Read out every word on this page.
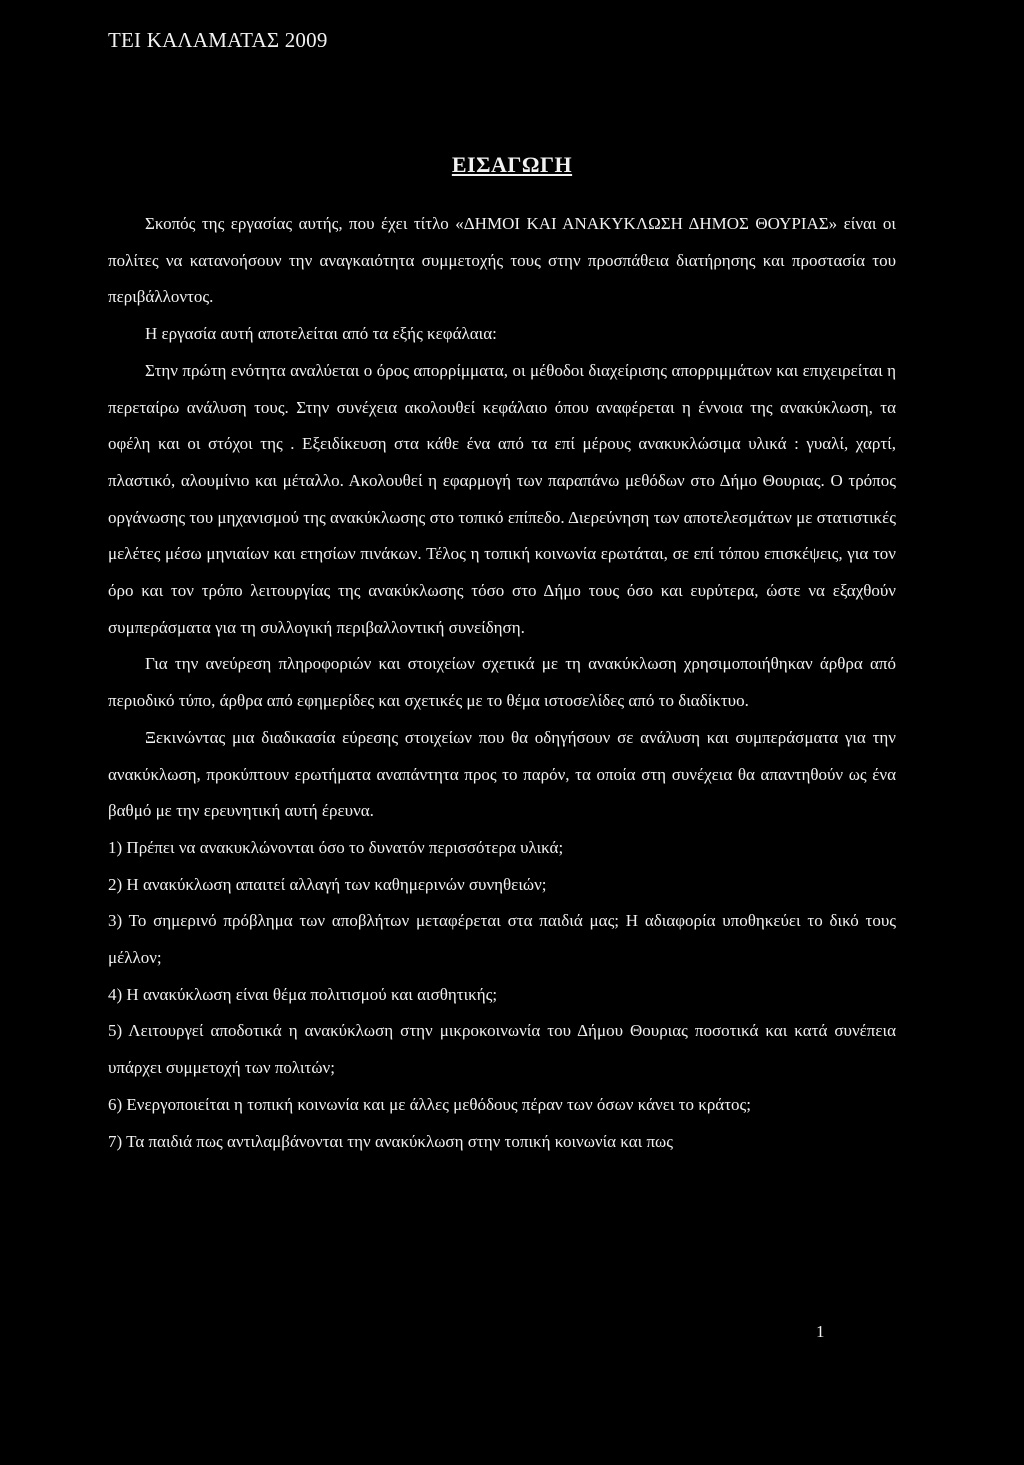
ΤΕΙ ΚΑΛΑΜΑΤΑΣ 2009
ΕΙΣΑΓΩΓΗ

Σκοπός της εργασίας αυτής, που έχει τίτλο «ΔΗΜΟΙ ΚΑΙ ΑΝΑΚΥΚΛΩΣΗ ΔΗΜΟΣ ΘΟΥΡΙΑΣ» είναι οι πολίτες να κατανοήσουν την αναγκαιότητα συμμετοχής τους στην προσπάθεια διατήρησης και προστασία του περιβάλλοντος.

Η εργασία αυτή αποτελείται από τα εξής κεφάλαια:

Στην πρώτη ενότητα αναλύεται ο όρος απορρίμματα, οι μέθοδοι διαχείρισης απορριμμάτων και επιχειρείται η περεταίρω ανάλυση τους. Στην συνέχεια ακολουθεί κεφάλαιο όπου αναφέρεται η έννοια της ανακύκλωση, τα οφέλη και οι στόχοι της . Εξειδίκευση στα κάθε ένα από τα επί μέρους ανακυκλώσιμα υλικά : γυαλί, χαρτί, πλαστικό, αλουμίνιο και μέταλλο. Ακολουθεί η εφαρμογή των παραπάνω μεθόδων στο Δήμο Θουριας. Ο τρόπος οργάνωσης του μηχανισμού της ανακύκλωσης στο τοπικό επίπεδο. Διερεύνηση των αποτελεσμάτων με στατιστικές μελέτες μέσω μηνιαίων και ετησίων πινάκων. Τέλος η τοπική κοινωνία ερωτάται, σε επί τόπου επισκέψεις, για τον όρο και τον τρόπο λειτουργίας της ανακύκλωσης τόσο στο Δήμο τους όσο και ευρύτερα, ώστε να εξαχθούν συμπεράσματα για τη συλλογική περιβαλλοντική συνείδηση.

Για την ανεύρεση πληροφοριών και στοιχείων σχετικά με τη ανακύκλωση χρησιμοποιήθηκαν άρθρα από περιοδικό τύπο, άρθρα από εφημερίδες και σχετικές με το θέμα ιστοσελίδες από το διαδίκτυο.

Ξεκινώντας μια διαδικασία εύρεσης στοιχείων που θα οδηγήσουν σε ανάλυση και συμπεράσματα για την ανακύκλωση, προκύπτουν ερωτήματα αναπάντητα προς το παρόν, τα οποία στη συνέχεια θα απαντηθούν ως ένα βαθμό με την ερευνητική αυτή έρευνα.

1) Πρέπει να ανακυκλώνονται όσο το δυνατόν περισσότερα υλικά;

2) Η ανακύκλωση απαιτεί αλλαγή των καθημερινών συνηθειών;

3) Το σημερινό πρόβλημα των αποβλήτων μεταφέρεται στα παιδιά μας; Η αδιαφορία υποθηκεύει το δικό τους μέλλον;

4) Η ανακύκλωση είναι θέμα πολιτισμού και αισθητικής;

5) Λειτουργεί αποδοτικά η ανακύκλωση στην μικροκοινωνία του Δήμου Θουριας ποσοτικά και κατά συνέπεια υπάρχει συμμετοχή των πολιτών;

6) Ενεργοποιείται η τοπική κοινωνία και με άλλες μεθόδους πέραν των όσων κάνει το κράτος;

7) Τα παιδιά πως αντιλαμβάνονται την ανακύκλωση στην τοπική κοινωνία και πως

1
